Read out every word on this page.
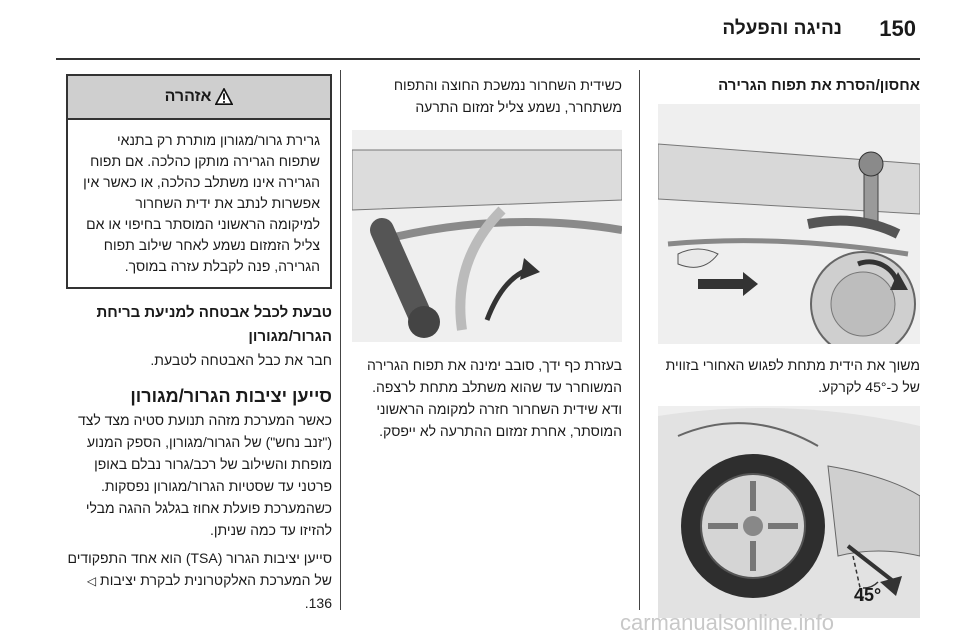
150
נהיגה והפעלה
אחסון/הסרת את תפוח הגרירה
משוך את הידית מתחת לפגוש האחורי בזווית של כ-45° לקרקע.
45°
כשידית השחרור נמשכת החוצה והתפוח משתחרר, נשמע צליל זמזום התרעה
בעזרת כף ידך, סובב ימינה את תפוח הגרירה המשוחרר עד שהוא משתלב מתחת לרצפה. ודא שידית השחרור חזרה למקומה הראשוני המוסתר, אחרת זמזום ההתרעה לא ייפסק.
אזהרה
גרירת גרור/מגורון מותרת רק בתנאי שתפוח הגרירה מותקן כהלכה. אם תפוח הגרירה אינו משתלב כהלכה, או כאשר אין אפשרות לנתב את ידית השחרור למיקומה הראשוני המוסתר בחיפוי או אם צליל הזמזום נשמע לאחר שילוב תפוח הגרירה, פנה לקבלת עזרה במוסך.
טבעת לכבל אבטחה למניעת בריחת הגרור/מגורון
חבר את כבל האבטחה לטבעת.
סייען יציבות הגרור/מגורון
כאשר המערכת מזהה תנועת סטיה מצד לצד ("זנב נחש") של הגרור/מגורון, הספק המנוע מופחת והשילוב של רכב/גרור נבלם באופן פרטני עד שסטיות הגרור/מגורון נפסקות. כשהמערכת פועלת אחוז בגלגל ההגה מבלי להזיזו עד כמה שניתן.
סייען יציבות הגרור (TSA) הוא אחד התפקודים של המערכת האלקטרונית לבקרת יציבות ◁ 136.
carmanualsonline.info
